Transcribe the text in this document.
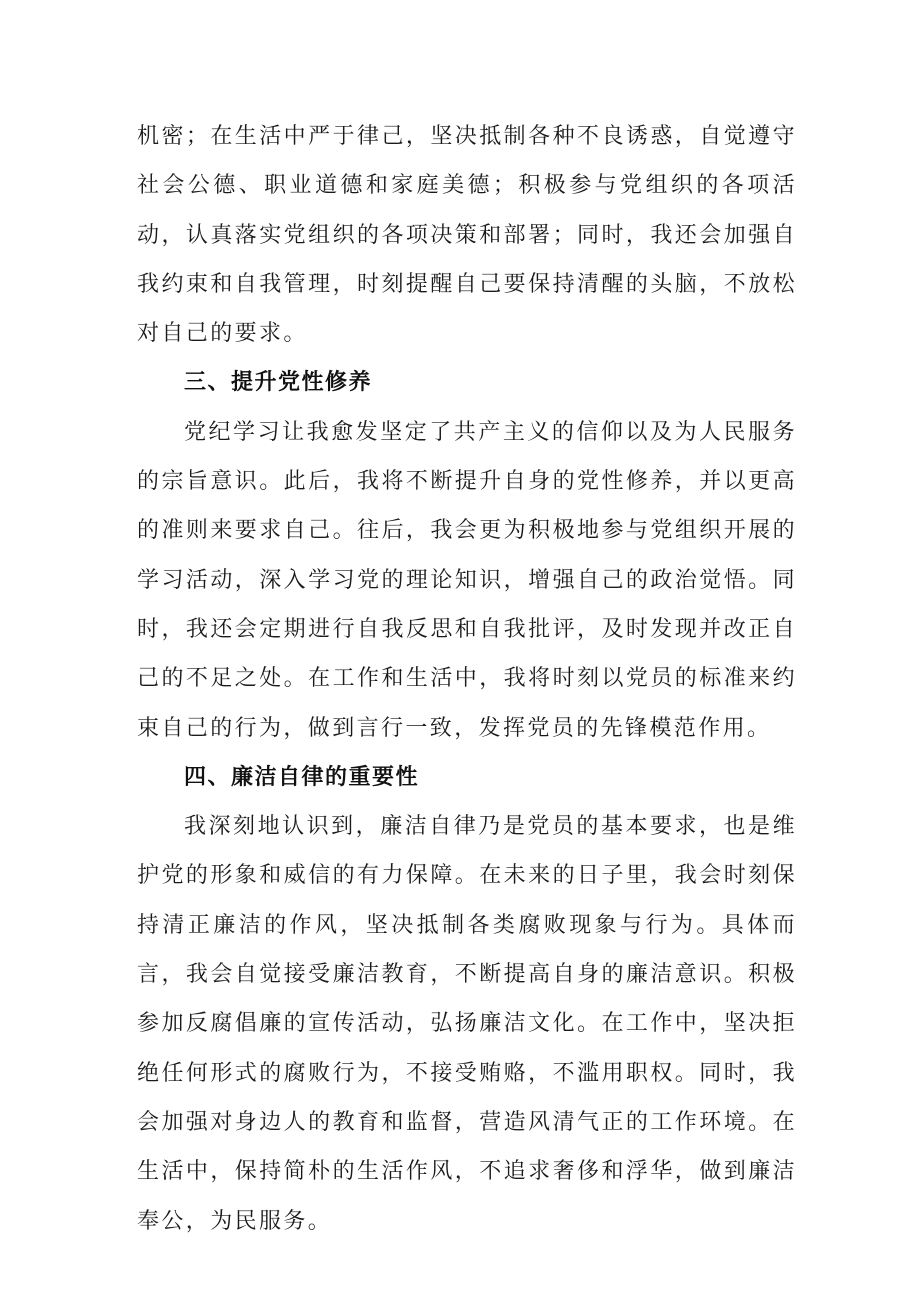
机密；在生活中严于律己，坚决抵制各种不良诱惑，自觉遵守社会公德、职业道德和家庭美德；积极参与党组织的各项活动，认真落实党组织的各项决策和部署；同时，我还会加强自我约束和自我管理，时刻提醒自己要保持清醒的头脑，不放松对自己的要求。

三、提升党性修养

党纪学习让我愈发坚定了共产主义的信仰以及为人民服务的宗旨意识。此后，我将不断提升自身的党性修养，并以更高的准则来要求自己。往后，我会更为积极地参与党组织开展的学习活动，深入学习党的理论知识，增强自己的政治觉悟。同时，我还会定期进行自我反思和自我批评，及时发现并改正自己的不足之处。在工作和生活中，我将时刻以党员的标准来约束自己的行为，做到言行一致，发挥党员的先锋模范作用。

四、廉洁自律的重要性

我深刻地认识到，廉洁自律乃是党员的基本要求，也是维护党的形象和威信的有力保障。在未来的日子里，我会时刻保持清正廉洁的作风，坚决抵制各类腐败现象与行为。具体而言，我会自觉接受廉洁教育，不断提高自身的廉洁意识。积极参加反腐倡廉的宣传活动，弘扬廉洁文化。在工作中，坚决拒绝任何形式的腐败行为，不接受贿赂，不滥用职权。同时，我会加强对身边人的教育和监督，营造风清气正的工作环境。在生活中，保持简朴的生活作风，不追求奢侈和浮华，做到廉洁奉公，为民服务。
